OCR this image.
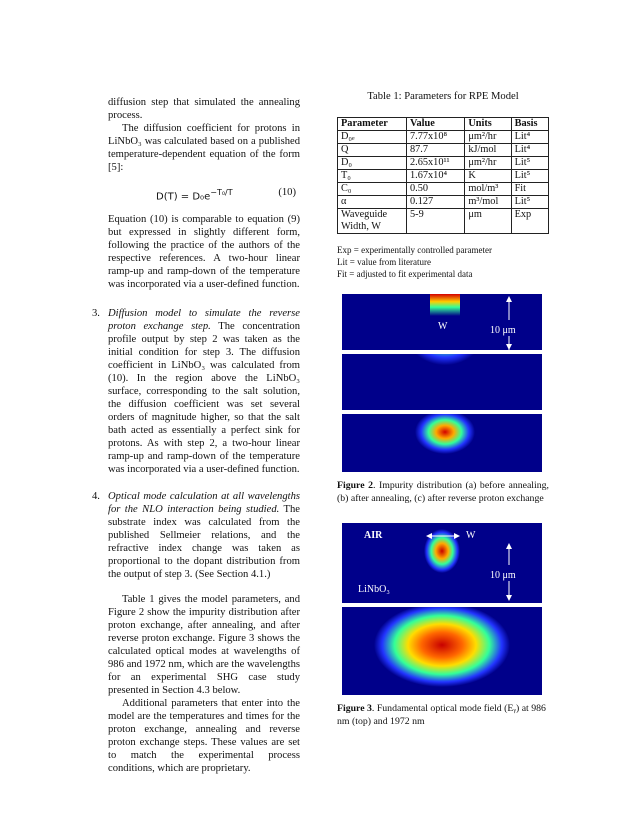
diffusion step that simulated the annealing process.

The diffusion coefficient for protons in LiNbO₃ was calculated based on a published temperature-dependent equation of the form [5]:

$D(T) = D_0e^{-T_0/T}$	(10)

Equation (10) is comparable to equation (9) but expressed in slightly different form, following the practice of the authors of the respective references. A two-hour linear ramp-up and ramp-down of the temperature was incorporated via a user-defined function.

3. Diffusion model to simulate the reverse proton exchange step. The concentration profile output by step 2 was taken as the initial condition for step 3. The diffusion coefficient in LiNbO₃ was calculated from (10). In the region above the LiNbO₃ surface, corresponding to the salt solution, the diffusion coefficient was set several orders of magnitude higher, so that the salt bath acted as essentially a perfect sink for protons. As with step 2, a two-hour linear ramp-up and ramp-down of the temperature was incorporated via a user-defined function.

4. Optical mode calculation at all wavelengths for the NLO interaction being studied. The substrate index was calculated from the published Sellmeier relations, and the refractive index change was taken as proportional to the dopant distribution from the output of step 3. (See Section 4.1.)

Table 1 gives the model parameters, and Figure 2 show the impurity distribution after proton exchange, after annealing, and after reverse proton exchange. Figure 3 shows the calculated optical modes at wavelengths of 986 and 1972 nm, which are the wavelengths for an experimental SHG case study presented in Section 4.3 below.

Additional parameters that enter into the model are the temperatures and times for the proton exchange, annealing and reverse proton exchange steps. These values are set to match the experimental process conditions, which are proprietary.

Table 1: Parameters for RPE Model
Parameter	Value	Units	Basis
D₀ₑ	7.77x10⁸	μm²/hr	Lit⁴
Q	87.7	kJ/mol	Lit⁴
D₀	2.65x10¹¹	μm²/hr	Lit⁵
T₀	1.67x10⁴	K	Lit⁵
C₀	0.50	mol/m³	Fit
α	0.127	m³/mol	Lit⁵
Waveguide Width, W	5-9	μm	Exp
Exp = experimentally controlled parameter
Lit = value from literature
Fit = adjusted to fit experimental data
W	10 μm
Figure 2. Impurity distribution (a) before annealing, (b) after annealing, (c) after reverse proton exchange
AIR	W
10 μm
LiNbO₃
Figure 3. Fundamental optical mode field (Eᵧ) at 986 nm (top) and 1972 nm
